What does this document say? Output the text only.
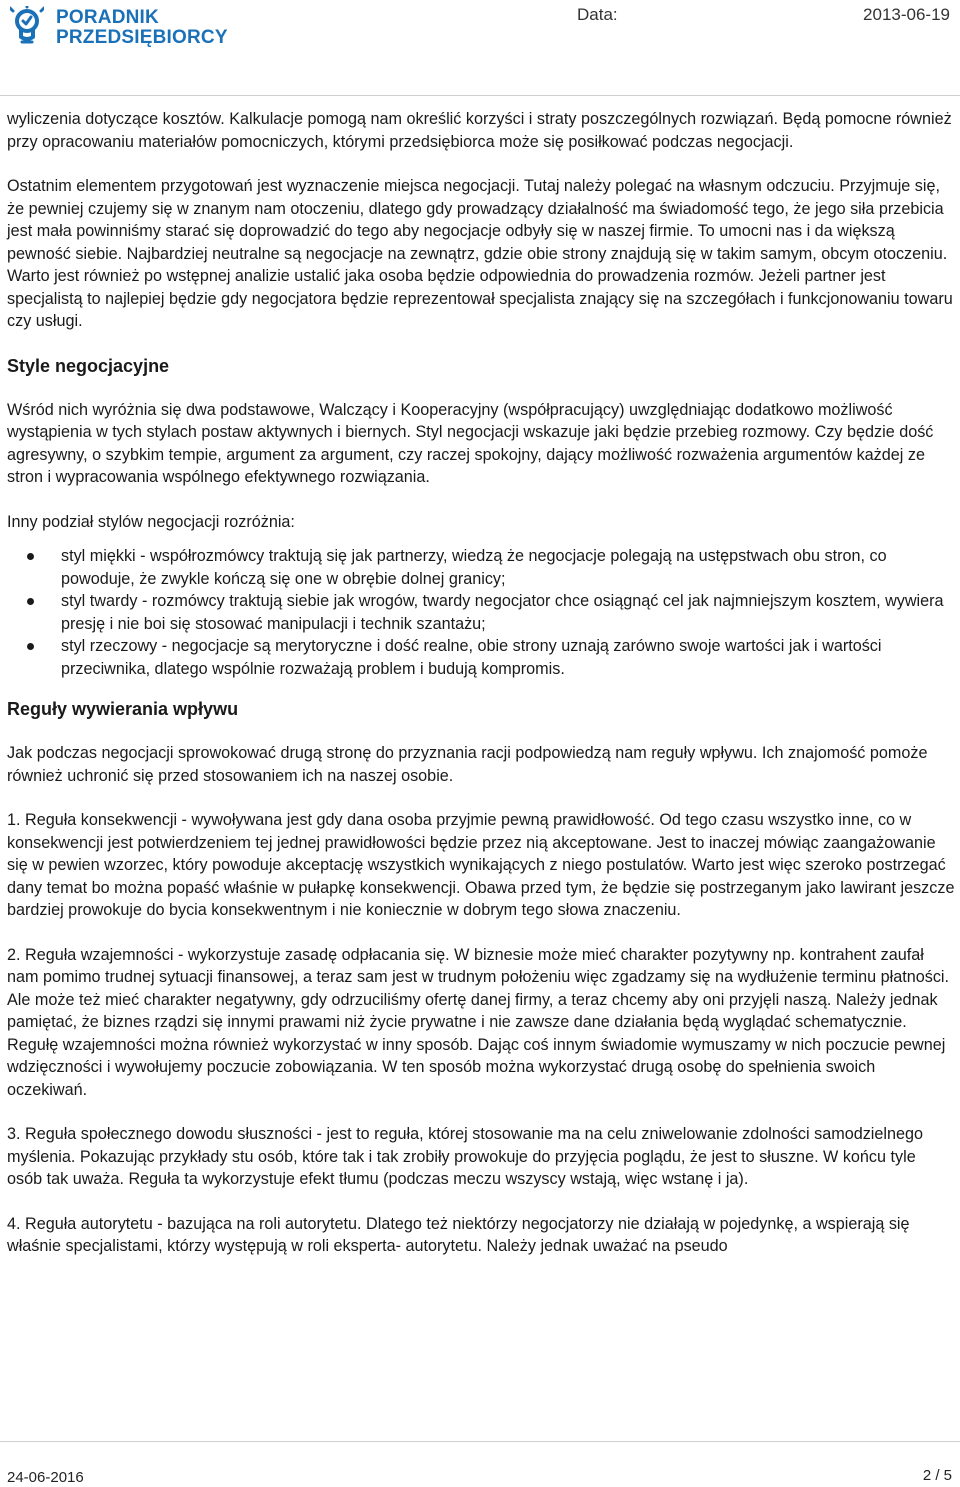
PORADNIK
PRZEDSIĘBIORCY
Data:	2013-06-19

wyliczenia dotyczące kosztów. Kalkulacje pomogą nam określić korzyści i straty poszczególnych rozwiązań. Będą pomocne również przy opracowaniu materiałów pomocniczych, którymi przedsiębiorca może się posiłkować podczas negocjacji.

Ostatnim elementem przygotowań jest wyznaczenie miejsca negocjacji. Tutaj należy polegać na własnym odczuciu. Przyjmuje się, że pewniej czujemy się w znanym nam otoczeniu, dlatego gdy prowadzący działalność ma świadomość tego, że jego siła przebicia jest mała powinniśmy starać się doprowadzić do tego aby negocjacje odbyły się w naszej firmie. To umocni nas i da większą pewność siebie. Najbardziej neutralne są negocjacje na zewnątrz, gdzie obie strony znajdują się w takim samym, obcym otoczeniu. Warto jest również po wstępnej analizie ustalić jaka osoba będzie odpowiednia do prowadzenia rozmów. Jeżeli partner jest specjalistą to najlepiej będzie gdy negocjatora będzie reprezentował specjalista znający się na szczegółach i funkcjonowaniu towaru czy usługi.

Style negocjacyjne

Wśród nich wyróżnia się dwa podstawowe, Walczący i Kooperacyjny (współpracujący) uwzględniając dodatkowo możliwość wystąpienia w tych stylach postaw aktywnych i biernych. Styl negocjacji wskazuje jaki będzie przebieg rozmowy. Czy będzie dość agresywny, o szybkim tempie, argument za argument, czy raczej spokojny, dający możliwość rozważenia argumentów każdej ze stron i wypracowania wspólnego efektywnego rozwiązania.

Inny podział stylów negocjacji rozróżnia:

styl miękki - współrozmówcy traktują się jak partnerzy, wiedzą że negocjacje polegają na ustępstwach obu stron, co powoduje, że zwykle kończą się one w obrębie dolnej granicy;
styl twardy - rozmówcy traktują siebie jak wrogów, twardy negocjator chce osiągnąć cel jak najmniejszym kosztem, wywiera presję i nie boi się stosować manipulacji i technik szantażu;
styl rzeczowy - negocjacje są merytoryczne i dość realne, obie strony uznają zarówno swoje wartości jak i wartości przeciwnika, dlatego wspólnie rozważają problem i budują kompromis.
Reguły wywierania wpływu

Jak podczas negocjacji sprowokować drugą stronę do przyznania racji podpowiedzą nam reguły wpływu. Ich znajomość pomoże również uchronić się przed stosowaniem ich na naszej osobie.

1. Reguła konsekwencji - wywoływana jest gdy dana osoba przyjmie pewną prawidłowość. Od tego czasu wszystko inne, co w konsekwencji jest potwierdzeniem tej jednej prawidłowości będzie przez nią akceptowane. Jest to inaczej mówiąc zaangażowanie się w pewien wzorzec, który powoduje akceptację wszystkich wynikających z niego postulatów. Warto jest więc szeroko postrzegać dany temat bo można popaść właśnie w pułapkę konsekwencji. Obawa przed tym, że będzie się postrzeganym jako lawirant jeszcze bardziej prowokuje do bycia konsekwentnym i nie koniecznie w dobrym tego słowa znaczeniu.

2. Reguła wzajemności - wykorzystuje zasadę odpłacania się. W biznesie może mieć charakter pozytywny np. kontrahent zaufał nam pomimo trudnej sytuacji finansowej, a teraz sam jest w trudnym położeniu więc zgadzamy się na wydłużenie terminu płatności. Ale może też mieć charakter negatywny, gdy odrzuciliśmy ofertę danej firmy, a teraz chcemy aby oni przyjęli naszą. Należy jednak pamiętać, że biznes rządzi się innymi prawami niż życie prywatne i nie zawsze dane działania będą wyglądać schematycznie. Regułę wzajemności można również wykorzystać w inny sposób. Dając coś innym świadomie wymuszamy w nich poczucie pewnej wdzięczności i wywołujemy poczucie zobowiązania. W ten sposób można wykorzystać drugą osobę do spełnienia swoich oczekiwań.

3. Reguła społecznego dowodu słuszności - jest to reguła, której stosowanie ma na celu zniwelowanie zdolności samodzielnego myślenia. Pokazując przykłady stu osób, które tak i tak zrobiły prowokuje do przyjęcia poglądu, że jest to słuszne. W końcu tyle osób tak uważa. Reguła ta wykorzystuje efekt tłumu (podczas meczu wszyscy wstają, więc wstanę i ja).

4. Reguła autorytetu - bazująca na roli autorytetu. Dlatego też niektórzy negocjatorzy nie działają w pojedynkę, a wspierają się właśnie specjalistami, którzy występują w roli eksperta- autorytetu. Należy jednak uważać na pseudo

24-06-2016	2 / 5
